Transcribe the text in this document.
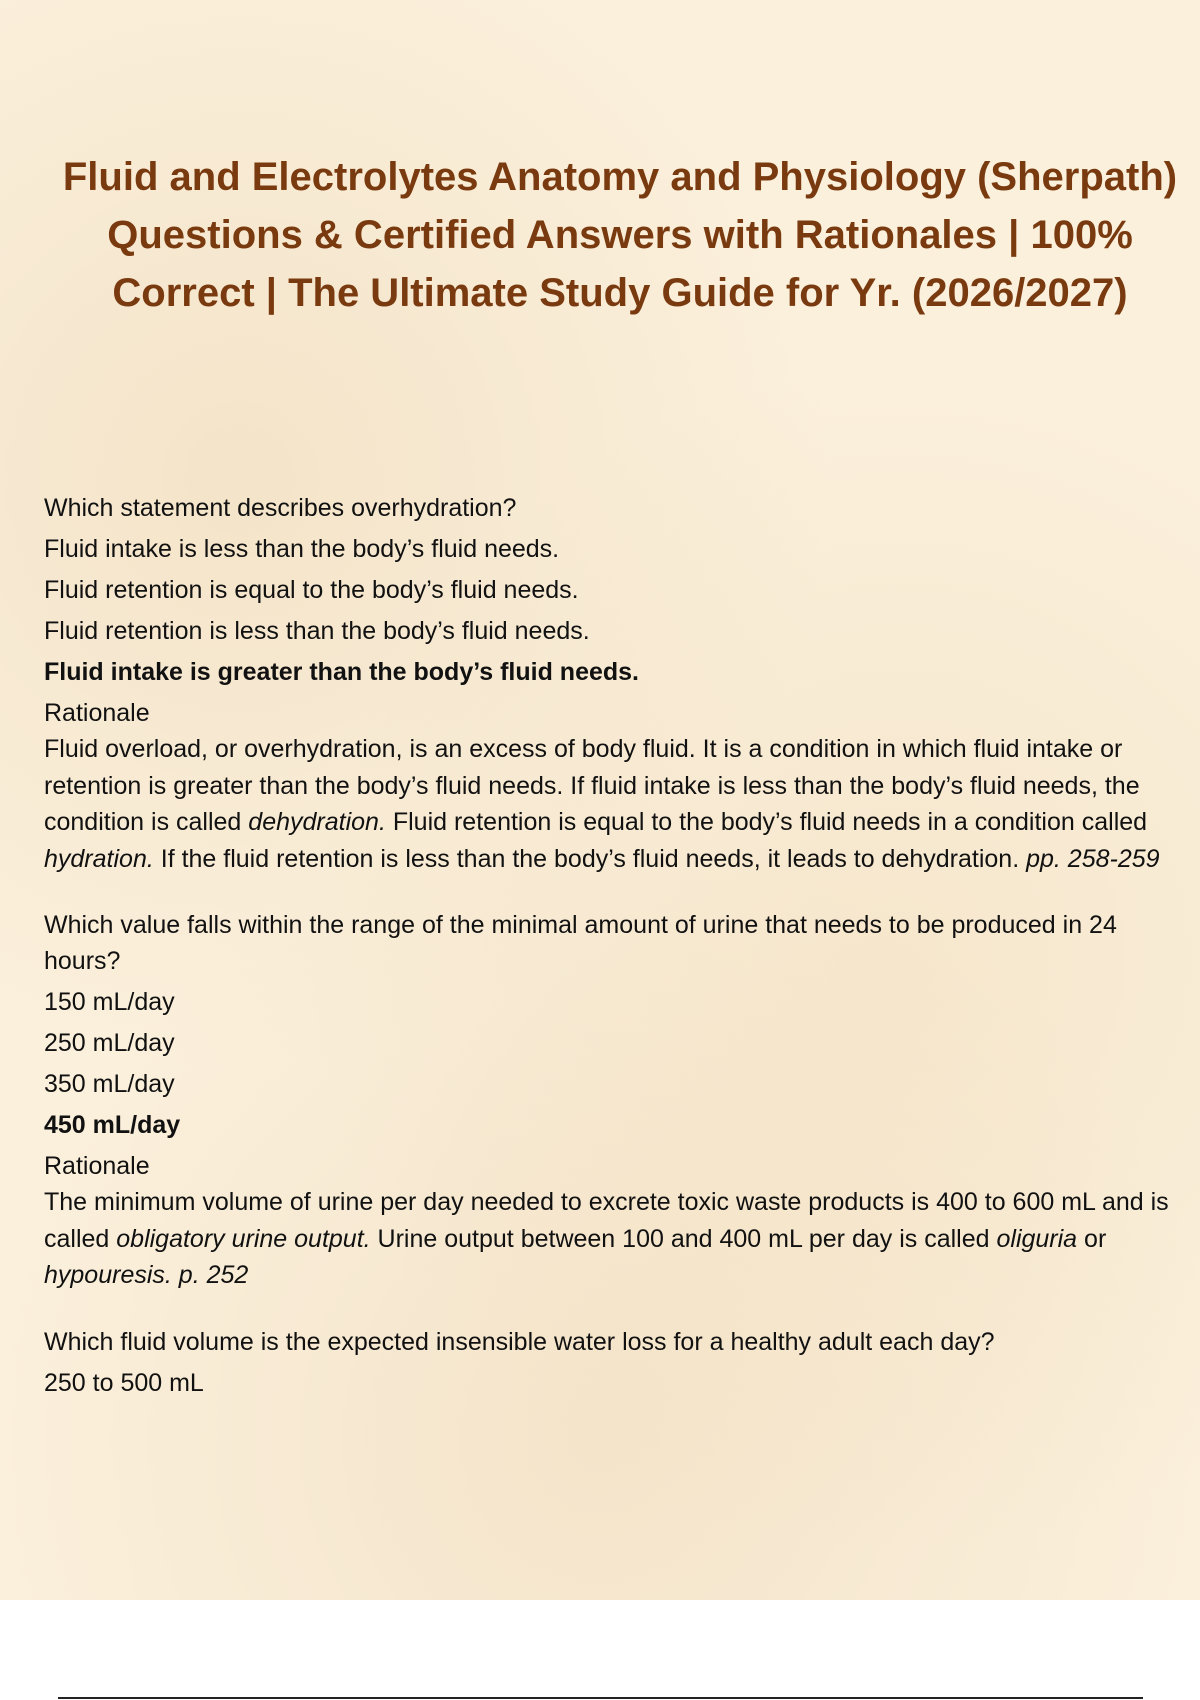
Fluid and Electrolytes Anatomy and Physiology (Sherpath) Questions & Certified Answers with Rationales | 100% Correct | The Ultimate Study Guide for Yr. (2026/2027)

Which statement describes overhydration?

Fluid intake is less than the body’s fluid needs.

Fluid retention is equal to the body’s fluid needs.

Fluid retention is less than the body’s fluid needs.

Fluid intake is greater than the body’s fluid needs.

Rationale

Fluid overload, or overhydration, is an excess of body fluid. It is a condition in which fluid intake or retention is greater than the body’s fluid needs. If fluid intake is less than the body’s fluid needs, the condition is called dehydration. Fluid retention is equal to the body’s fluid needs in a condition called hydration. If the fluid retention is less than the body’s fluid needs, it leads to dehydration. pp. 258-259

Which value falls within the range of the minimal amount of urine that needs to be produced in 24 hours?

150 mL/day

250 mL/day

350 mL/day

450 mL/day

Rationale

The minimum volume of urine per day needed to excrete toxic waste products is 400 to 600 mL and is called obligatory urine output. Urine output between 100 and 400 mL per day is called oliguria or hypouresis. p. 252

Which fluid volume is the expected insensible water loss for a healthy adult each day?

250 to 500 mL
